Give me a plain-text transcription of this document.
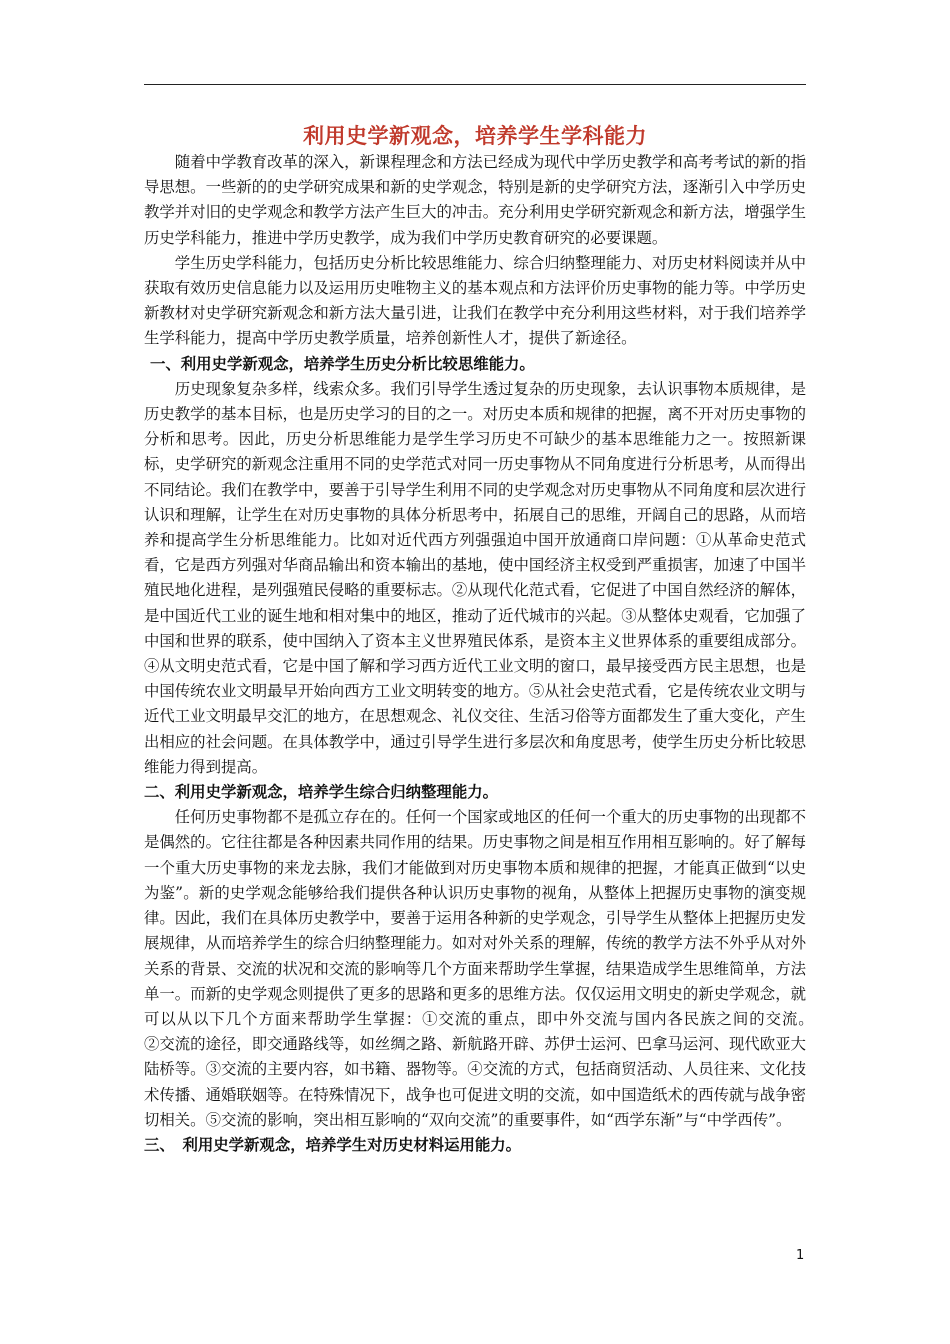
利用史学新观念，培养学生学科能力

随着中学教育改革的深入，新课程理念和方法已经成为现代中学历史教学和高考考试的新的指导思想。一些新的的史学研究成果和新的史学观念，特别是新的史学研究方法，逐渐引入中学历史教学并对旧的史学观念和教学方法产生巨大的冲击。充分利用史学研究新观念和新方法，增强学生历史学科能力，推进中学历史教学，成为我们中学历史教育研究的必要课题。

学生历史学科能力，包括历史分析比较思维能力、综合归纳整理能力、对历史材料阅读并从中获取有效历史信息能力以及运用历史唯物主义的基本观点和方法评价历史事物的能力等。中学历史新教材对史学研究新观念和新方法大量引进，让我们在教学中充分利用这些材料，对于我们培养学生学科能力，提高中学历史教学质量，培养创新性人才，提供了新途径。

一、利用史学新观念，培养学生历史分析比较思维能力。

历史现象复杂多样，线索众多。我们引导学生透过复杂的历史现象，去认识事物本质规律，是历史教学的基本目标，也是历史学习的目的之一。对历史本质和规律的把握，离不开对历史事物的分析和思考。因此，历史分析思维能力是学生学习历史不可缺少的基本思维能力之一。按照新课标，史学研究的新观念注重用不同的史学范式对同一历史事物从不同角度进行分析思考，从而得出不同结论。我们在教学中，要善于引导学生利用不同的史学观念对历史事物从不同角度和层次进行认识和理解，让学生在对历史事物的具体分析思考中，拓展自己的思维，开阔自己的思路，从而培养和提高学生分析思维能力。比如对近代西方列强强迫中国开放通商口岸问题：①从革命史范式看，它是西方列强对华商品输出和资本输出的基地，使中国经济主权受到严重损害，加速了中国半殖民地化进程，是列强殖民侵略的重要标志。②从现代化范式看，它促进了中国自然经济的解体，是中国近代工业的诞生地和相对集中的地区，推动了近代城市的兴起。③从整体史观看，它加强了中国和世界的联系，使中国纳入了资本主义世界殖民体系，是资本主义世界体系的重要组成部分。④从文明史范式看，它是中国了解和学习西方近代工业文明的窗口，最早接受西方民主思想，也是中国传统农业文明最早开始向西方工业文明转变的地方。⑤从社会史范式看，它是传统农业文明与近代工业文明最早交汇的地方，在思想观念、礼仪交往、生活习俗等方面都发生了重大变化，产生出相应的社会问题。在具体教学中，通过引导学生进行多层次和角度思考，使学生历史分析比较思维能力得到提高。

二、利用史学新观念，培养学生综合归纳整理能力。

任何历史事物都不是孤立存在的。任何一个国家或地区的任何一个重大的历史事物的出现都不是偶然的。它往往都是各种因素共同作用的结果。历史事物之间是相互作用相互影响的。好了解每一个重大历史事物的来龙去脉，我们才能做到对历史事物本质和规律的把握，才能真正做到“以史为鉴”。新的史学观念能够给我们提供各种认识历史事物的视角，从整体上把握历史事物的演变规律。因此，我们在具体历史教学中，要善于运用各种新的史学观念，引导学生从整体上把握历史发展规律，从而培养学生的综合归纳整理能力。如对对外关系的理解，传统的教学方法不外乎从对外关系的背景、交流的状况和交流的影响等几个方面来帮助学生掌握，结果造成学生思维简单，方法单一。而新的史学观念则提供了更多的思路和更多的思维方法。仅仅运用文明史的新史学观念，就可以从以下几个方面来帮助学生掌握：①交流的重点，即中外交流与国内各民族之间的交流。　　　②交流的途径，即交通路线等，如丝绸之路、新航路开辟、苏伊士运河、巴拿马运河、现代欧亚大陆桥等。③交流的主要内容，如书籍、器物等。④交流的方式，包括商贸活动、人员往来、文化技术传播、通婚联姻等。在特殊情况下，战争也可促进文明的交流，如中国造纸术的西传就与战争密切相关。⑤交流的影响，突出相互影响的“双向交流”的重要事件，如“西学东渐”与“中学西传”。

三、　利用史学新观念，培养学生对历史材料运用能力。

1
